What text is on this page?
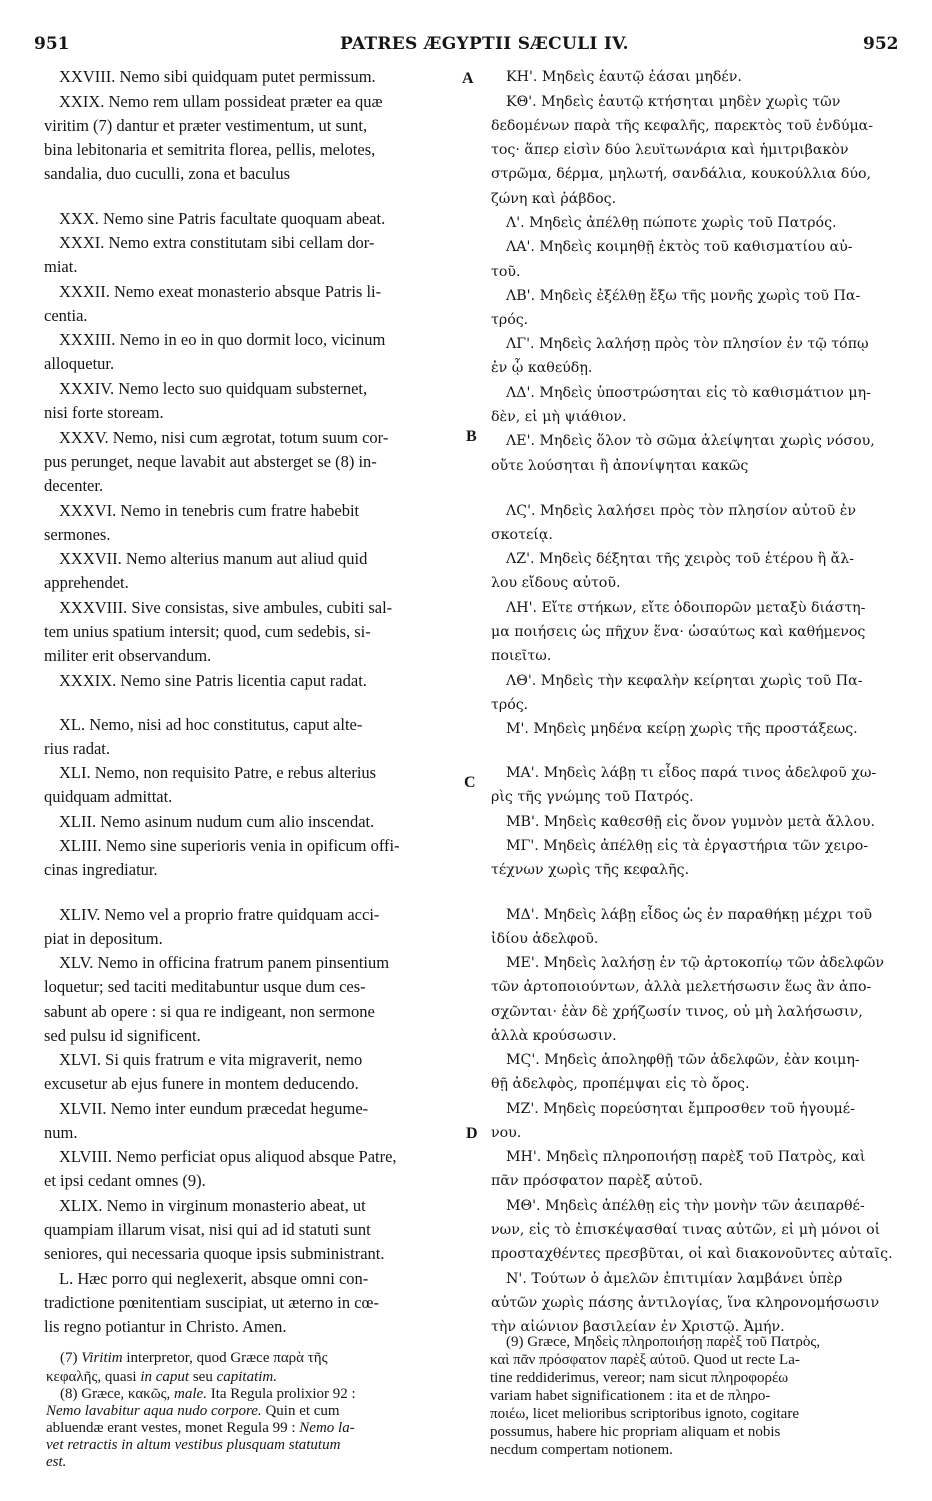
951	PATRES ÆGYPTII SÆCULI IV.	952
XXVIII. Nemo sibi quidquam putet permissum.
XXIX. Nemo rem ullam possideat præter ea quæ
viritim (7) dantur et præter vestimentum, ut sunt,
bina lebitonaria et semitrita florea, pellis, melotes,
sandalia, duo cuculli, zona et baculus
XXX. Nemo sine Patris facultate quoquam abeat.
XXXI. Nemo extra constitutam sibi cellam dor-
miat.
XXXII. Nemo exeat monasterio absque Patris li-
centia.
XXXIII. Nemo in eo in quo dormit loco, vicinum
alloquetur.
XXXIV. Nemo lecto suo quidquam substernet,
nisi forte stoream.
XXXV. Nemo, nisi cum ægrotat, totum suum cor-
pus perunget, neque lavabit aut absterget se (8) in-
decenter.
XXXVI. Nemo in tenebris cum fratre habebit
sermones.
XXXVII. Nemo alterius manum aut aliud quid
apprehendet.
XXXVIII. Sive consistas, sive ambules, cubiti sal-
tem unius spatium intersit; quod, cum sedebis, si-
militer erit observandum.
XXXIX. Nemo sine Patris licentia caput radat.
XL. Nemo, nisi ad hoc constitutus, caput alte-
rius radat.
XLI. Nemo, non requisito Patre, e rebus alterius
quidquam admittat.
XLII. Nemo asinum nudum cum alio inscendat.
XLIII. Nemo sine superioris venia in opificum offi-
cinas ingrediatur.
XLIV. Nemo vel a proprio fratre quidquam acci-
piat in depositum.
XLV. Nemo in officina fratrum panem pinsentium
loquetur; sed taciti meditabuntur usque dum ces-
sabunt ab opere : si qua re indigeant, non sermone
sed pulsu id significent.
XLVI. Si quis fratrum e vita migraverit, nemo
excusetur ab ejus funere in montem deducendo.
XLVII. Nemo inter eundum præcedat hegume-
num.
XLVIII. Nemo perficiat opus aliquod absque Patre,
et ipsi cedant omnes (9).
XLIX. Nemo in virginum monasterio abeat, ut
quampiam illarum visat, nisi qui ad id statuti sunt
seniores, qui necessaria quoque ipsis subministrant.
L. Hæc porro qui neglexerit, absque omni con-
tradictione pœnitentiam suscipiat, ut æterno in cœ-
lis regno potiantur in Christo. Amen.
ΚΗ'. Μηδεὶς ἑαυτῷ ἐάσαι μηδέν.
ΚΘ'. Μηδεὶς ἑαυτῷ κτήσηται μηδὲν χωρὶς τῶν
δεδομένων παρὰ τῆς κεφαλῆς, παρεκτὸς τοῦ ἐνδύμα-
τος· ἅπερ εἰσὶν δύο λευϊτωνάρια καὶ ἡμιτριβακὸν
στρῶμα, δέρμα, μηλωτή, σανδάλια, κουκούλλια δύο,
ζώνη καὶ ῥάβδος.
Λ'. Μηδεὶς ἀπέλθῃ πώποτε χωρὶς τοῦ Πατρός.
ΛΑ'. Μηδεὶς κοιμηθῇ ἐκτὸς τοῦ καθισματίου αὐ-
τοῦ.
ΛΒ'. Μηδεὶς ἐξέλθῃ ἔξω τῆς μονῆς χωρὶς τοῦ Πα-
τρός.
ΛΓ'. Μηδεὶς λαλήσῃ πρὸς τὸν πλησίον ἐν τῷ τόπῳ
ἐν ᾧ καθεύδῃ.
ΛΔ'. Μηδεὶς ὑποστρώσηται εἰς τὸ καθισμάτιον μη-
δὲν, εἰ μὴ ψιάθιον.
ΛΕ'. Μηδεὶς ὅλον τὸ σῶμα ἀλείψηται χωρὶς νόσου,
οὔτε λούσηται ἢ ἀπονίψηται κακῶς
ΛϚ'. Μηδεὶς λαλήσει πρὸς τὸν πλησίον αὐτοῦ ἐν
σκοτείᾳ.
ΛΖ'. Μηδεὶς δέξηται τῆς χειρὸς τοῦ ἑτέρου ἢ ἄλ-
λου εἴδους αὐτοῦ.
ΛΗ'. Εἴτε στήκων, εἴτε ὁδοιπορῶν μεταξὺ διάστη-
μα ποιήσεις ὡς πῆχυν ἕνα· ὡσαύτως καὶ καθήμενος
ποιεῖτω.
ΛΘ'. Μηδεὶς τὴν κεφαλὴν κείρηται χωρὶς τοῦ Πα-
τρός.
Μ'. Μηδεὶς μηδένα κείρῃ χωρὶς τῆς προστάξεως.
ΜΑ'. Μηδεὶς λάβῃ τι εἶδος παρά τινος ἀδελφοῦ χω-
ρὶς τῆς γνώμης τοῦ Πατρός.
ΜΒ'. Μηδεὶς καθεσθῇ εἰς ὄνον γυμνὸν μετὰ ἄλλου.
ΜΓ'. Μηδεὶς ἀπέλθῃ εἰς τὰ ἐργαστήρια τῶν χειρο-
τέχνων χωρὶς τῆς κεφαλῆς.
ΜΔ'. Μηδεὶς λάβῃ εἶδος ὡς ἐν παραθήκῃ μέχρι τοῦ
ἰδίου ἀδελφοῦ.
ΜΕ'. Μηδεὶς λαλήσῃ ἐν τῷ ἀρτοκοπίῳ τῶν ἀδελφῶν
τῶν ἀρτοποιούντων, ἀλλὰ μελετήσωσιν ἕως ἂν ἀπο-
σχῶνται· ἐὰν δὲ χρήζωσίν τινος, οὐ μὴ λαλήσωσιν,
ἀλλὰ κρούσωσιν.
ΜϚ'. Μηδεὶς ἀποληφθῇ τῶν ἀδελφῶν, ἐὰν κοιμη-
θῇ ἀδελφὸς, προπέμψαι εἰς τὸ ὄρος.
ΜΖ'. Μηδεὶς πορεύσηται ἔμπροσθεν τοῦ ἡγουμέ-
νου.
ΜΗ'. Μηδεὶς πληροποιήσῃ παρὲξ τοῦ Πατρὸς, καὶ
πᾶν πρόσφατον παρὲξ αὐτοῦ.
ΜΘ'. Μηδεὶς ἀπέλθῃ εἰς τὴν μονὴν τῶν ἀειπαρθέ-
νων, εἰς τὸ ἐπισκέψασθαί τινας αὐτῶν, εἰ μὴ μόνοι οἱ
προσταχθέντες πρεσβῦται, οἱ καὶ διακονοῦντες αὐταῖς.
Ν'. Τούτων ὁ ἀμελῶν ἐπιτιμίαν λαμβάνει ὑπὲρ
αὐτῶν χωρὶς πάσης ἀντιλογίας, ἵνα κληρονομήσωσιν
τὴν αἰώνιον βασιλείαν ἐν Χριστῷ. Ἀμήν.
A
B
C
D
(7) Viritim interpretor, quod Græce παρὰ τῆς
κεφαλῆς, quasi in caput seu capitatim.
(8) Græce, κακῶς, male. Ita Regula prolixior 92 :
Nemo lavabitur aqua nudo corpore. Quin et cum
abluendæ erant vestes, monet Regula 99 : Nemo la-
vet retractis in altum vestibus plusquam statutum
est.
(9) Græce, Μηδεὶς πληροποιήσῃ παρὲξ τοῦ Πατρὸς,
καὶ πᾶν πρόσφατον παρὲξ αὐτοῦ. Quod ut recte La-
tine reddiderimus, vereor; nam sicut πληροφορέω
variam habet significationem : ita et de πληρο-
ποιέω, licet melioribus scriptoribus ignoto, cogitare
possumus, habere hic propriam aliquam et nobis
necdum compertam notionem.
